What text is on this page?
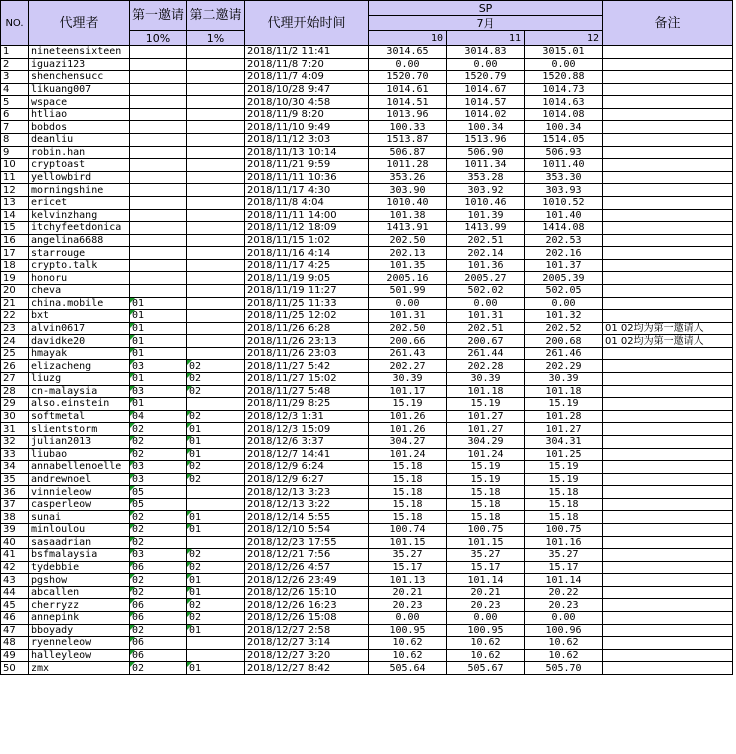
NO.	代理者	第一邀请	第二邀请	代理开始时间	SP			备注
					7月			
		10%	1%		10	11	12	
1	nineteensixteen			2018/11/2 11:41	3014.65	3014.83	3015.01	
2	iguazi123			2018/11/8 7:20	0.00	0.00	0.00	
3	shenchensucc			2018/11/7 4:09	1520.70	1520.79	1520.88	
4	likuang007			2018/10/28 9:47	1014.61	1014.67	1014.73	
5	wspace			2018/10/30 4:58	1014.51	1014.57	1014.63	
6	htliao			2018/11/9 8:20	1013.96	1014.02	1014.08	
7	bobdos			2018/11/10 9:49	100.33	100.34	100.34	
8	deanliu			2018/11/12 3:03	1513.87	1513.96	1514.05	
9	robin.han			2018/11/13 10:14	506.87	506.90	506.93	
10	cryptoast			2018/11/21 9:59	1011.28	1011.34	1011.40	
11	yellowbird			2018/11/11 10:36	353.26	353.28	353.30	
12	morningshine			2018/11/17 4:30	303.90	303.92	303.93	
13	ericet			2018/11/8 4:04	1010.40	1010.46	1010.52	
14	kelvinzhang			2018/11/11 14:00	101.38	101.39	101.40	
15	itchyfeetdonica			2018/11/12 18:09	1413.91	1413.99	1414.08	
16	angelina6688			2018/11/15 1:02	202.50	202.51	202.53	
17	starrouge			2018/11/16 4:14	202.13	202.14	202.16	
18	crypto.talk			2018/11/17 4:25	101.35	101.36	101.37	
19	honoru			2018/11/19 9:05	2005.16	2005.27	2005.39	
20	cheva			2018/11/19 11:27	501.99	502.02	502.05	
21	china.mobile	01		2018/11/25 11:33	0.00	0.00	0.00	
22	bxt	01		2018/11/25 12:02	101.31	101.31	101.32	
23	alvin0617	01		2018/11/26 6:28	202.50	202.51	202.52	01 02均为第一邀请人
24	davidke20	01		2018/11/26 23:13	200.66	200.67	200.68	01 02均为第一邀请人
25	hmayak	01		2018/11/26 23:03	261.43	261.44	261.46	
26	elizacheng	03	02	2018/11/27 5:42	202.27	202.28	202.29	
27	liuzg	01	02	2018/11/27 15:02	30.39	30.39	30.39	
28	cn-malaysia	03	02	2018/11/27 5:48	101.17	101.18	101.18	
29	also.einstein	01		2018/11/29 8:25	15.19	15.19	15.19	
30	softmetal	04	02	2018/12/3 1:31	101.26	101.27	101.28	
31	slientstorm	02	01	2018/12/3 15:09	101.26	101.27	101.27	
32	julian2013	02	01	2018/12/6 3:37	304.27	304.29	304.31	
33	liubao	02	01	2018/12/7 14:41	101.24	101.24	101.25	
34	annabellenoelle	03	02	2018/12/9 6:24	15.18	15.19	15.19	
35	andrewnoel	03	02	2018/12/9 6:27	15.18	15.19	15.19	
36	vinnieleow	05		2018/12/13 3:23	15.18	15.18	15.18	
37	casperleow	05		2018/12/13 3:22	15.18	15.18	15.18	
38	sunai	02	01	2018/12/14 5:55	15.18	15.18	15.18	
39	minloulou	02	01	2018/12/10 5:54	100.74	100.75	100.75	
40	sasaadrian	02		2018/12/23 17:55	101.15	101.15	101.16	
41	bsfmalaysia	03	02	2018/12/21 7:56	35.27	35.27	35.27	
42	tydebbie	06	02	2018/12/26 4:57	15.17	15.17	15.17	
43	pgshow	02	01	2018/12/26 23:49	101.13	101.14	101.14	
44	abcallen	02	01	2018/12/26 15:10	20.21	20.21	20.22	
45	cherryzz	06	02	2018/12/26 16:23	20.23	20.23	20.23	
46	annepink	06	02	2018/12/26 15:08	0.00	0.00	0.00	
47	bboyady	02	01	2018/12/27 2:58	100.95	100.95	100.96	
48	ryenneleow	06		2018/12/27 3:14	10.62	10.62	10.62	
49	halleyleow	06		2018/12/27 3:20	10.62	10.62	10.62	
50	zmx	02	01	2018/12/27 8:42	505.64	505.67	505.70	
